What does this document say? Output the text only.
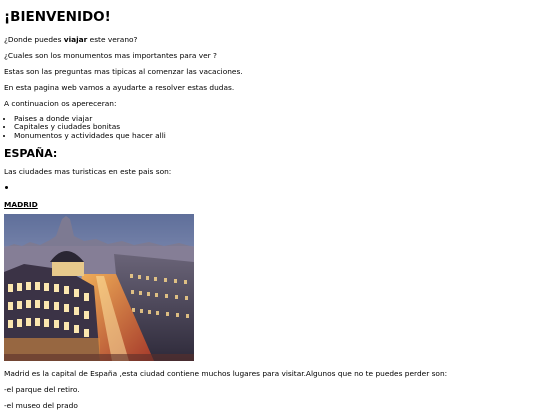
¡BIENVENIDO!

¿Donde puedes viajar este verano?

¿Cuales son los monumentos mas importantes para ver ?

Estas son las preguntas mas tipicas al comenzar las vacaciones.

En esta pagina web vamos a ayudarte a resolver estas dudas.

A continuacion os apereceran:

• Paises a donde viajar
• Capitales y ciudades bonitas
• Monumentos y actividades que hacer alli
ESPAÑA:

Las ciudades mas turisticas en este pais son:

MADRID

Madrid es la capital de España ,esta ciudad contiene muchos lugares para visitar.Algunos que no te puedes perder son:

-el parque del retiro.

-el museo del prado
